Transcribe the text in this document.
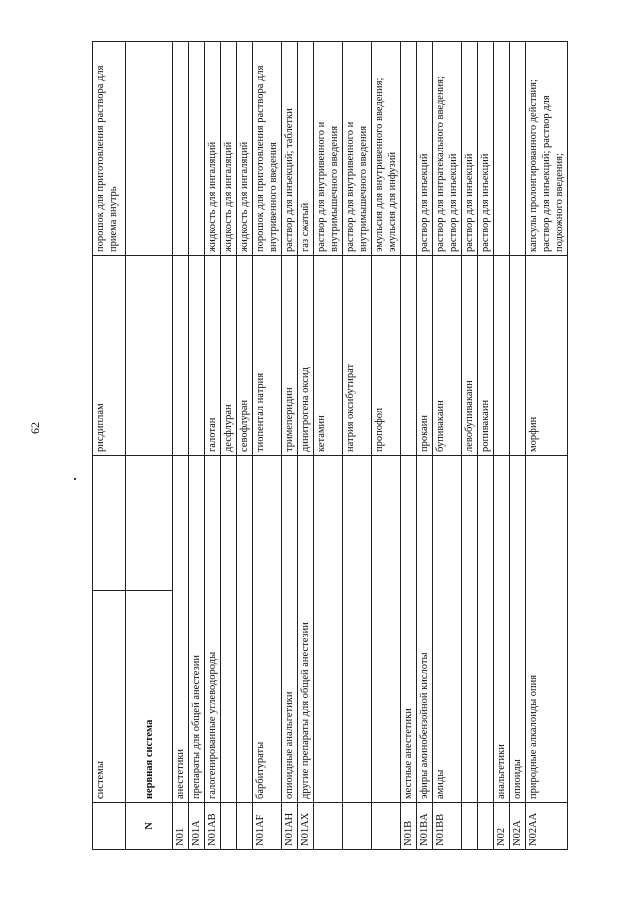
62
	системы		рисдиплам	порошок для приготовления раствора для приема внутрь
N	нервная система			
N01	анестетики			
N01A	препараты для общей анестезии			
N01AB	галогенированные углеводороды		галотан	жидкость для ингаляций
			десфлуран	жидкость для ингаляций
			севофлуран	жидкость для ингаляций
N01AF	барбитураты		тиопентал натрия	порошок для приготовления раствора для внутривенного введения
N01AH	опиоидные анальгетики		тримеперидин	раствор для инъекций; таблетки
N01AX	другие препараты для общей анестезии		динитрогена оксид	газ сжатый
			кетамин	раствор для внутривенного и внутримышечного введения
			натрия оксибутират	раствор для внутривенного и внутримышечного введения
			пропофол	эмульсия для внутривенного введения; эмульсия для инфузий
N01B	местные анестетики			
N01BA	эфиры аминобензойной кислоты		прокаин	раствор для инъекций
N01BB	амиды		бупивакаин	раствор для интратекального введения; раствор для инъекций
			левобупивакаин	раствор для инъекций
			ропивакаин	раствор для инъекций
N02	анальгетики			
N02A	опиоиды			
N02AA	природные алкалоиды опия		морфин	капсулы пролонгированного действия; раствор для инъекций; раствор для подкожного введения;
